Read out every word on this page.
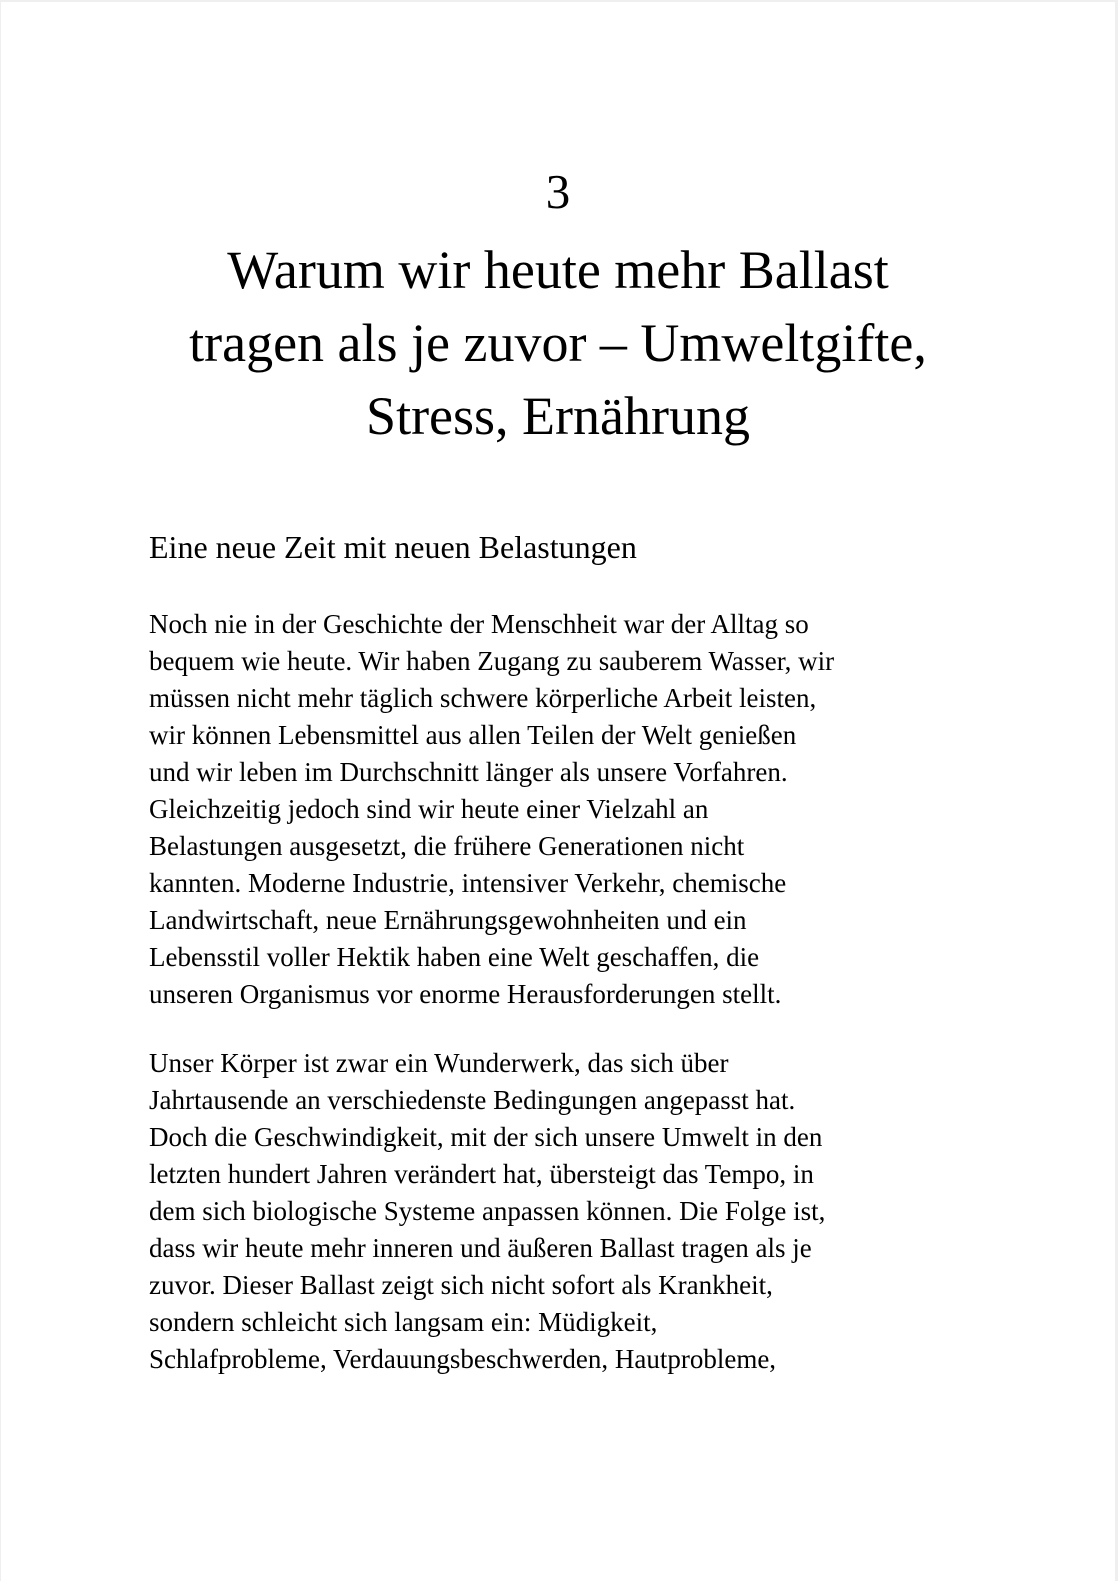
3
Warum wir heute mehr Ballast
tragen als je zuvor – Umweltgifte,
Stress, Ernährung
Eine neue Zeit mit neuen Belastungen

Noch nie in der Geschichte der Menschheit war der Alltag so
bequem wie heute. Wir haben Zugang zu sauberem Wasser, wir
müssen nicht mehr täglich schwere körperliche Arbeit leisten,
wir können Lebensmittel aus allen Teilen der Welt genießen
und wir leben im Durchschnitt länger als unsere Vorfahren.
Gleichzeitig jedoch sind wir heute einer Vielzahl an
Belastungen ausgesetzt, die frühere Generationen nicht
kannten. Moderne Industrie, intensiver Verkehr, chemische
Landwirtschaft, neue Ernährungsgewohnheiten und ein
Lebensstil voller Hektik haben eine Welt geschaffen, die
unseren Organismus vor enorme Herausforderungen stellt.

Unser Körper ist zwar ein Wunderwerk, das sich über
Jahrtausende an verschiedenste Bedingungen angepasst hat.
Doch die Geschwindigkeit, mit der sich unsere Umwelt in den
letzten hundert Jahren verändert hat, übersteigt das Tempo, in
dem sich biologische Systeme anpassen können. Die Folge ist,
dass wir heute mehr inneren und äußeren Ballast tragen als je
zuvor. Dieser Ballast zeigt sich nicht sofort als Krankheit,
sondern schleicht sich langsam ein: Müdigkeit,
Schlafprobleme, Verdauungsbeschwerden, Hautprobleme,
